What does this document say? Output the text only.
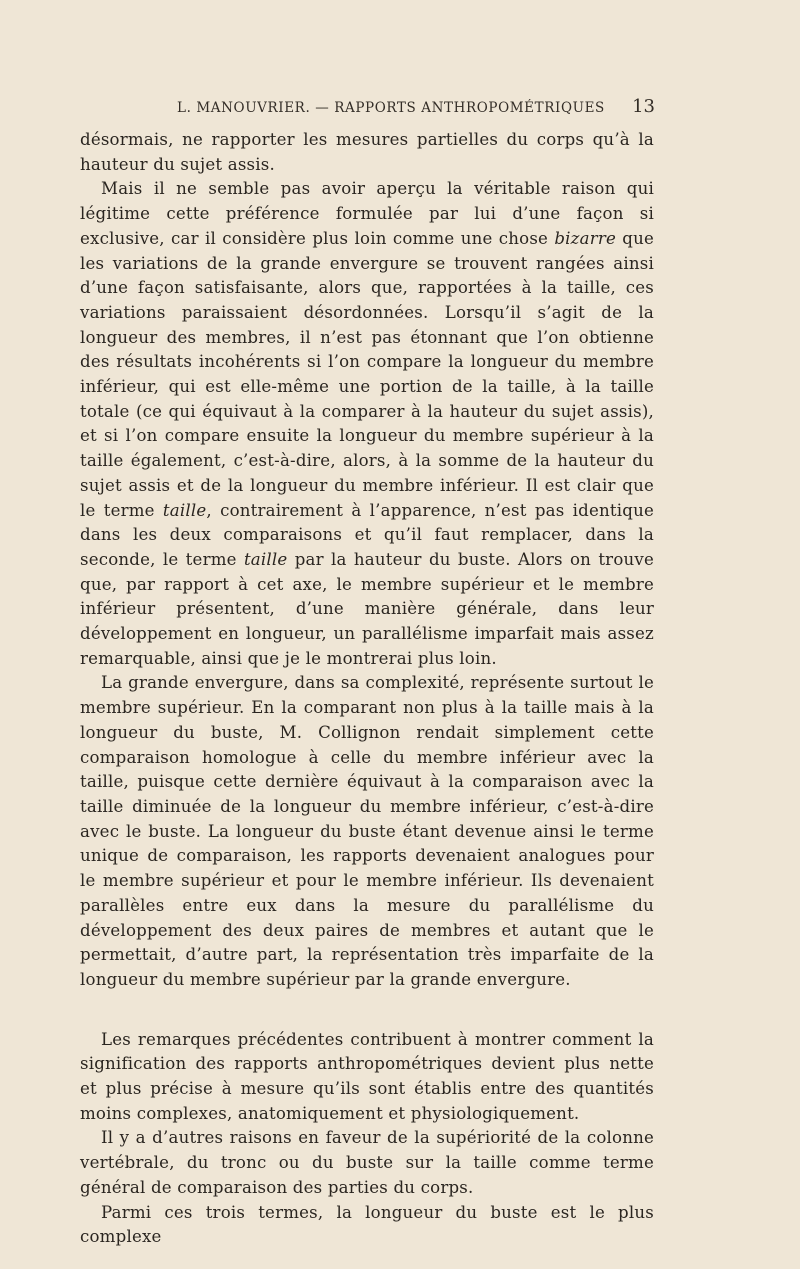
L. MANOUVRIER. — RAPPORTS ANTHROPOMÉTRIQUES 13

désormais, ne rapporter les mesures partielles du corps qu’à la hauteur du sujet assis.

Mais il ne semble pas avoir aperçu la véritable raison qui légitime cette préférence formulée par lui d’une façon si exclusive, car il considère plus loin comme une chose bizarre que les variations de la grande envergure se trouvent rangées ainsi d’une façon satisfaisante, alors que, rapportées à la taille, ces variations paraissaient désordonnées. Lorsqu’il s’agit de la longueur des membres, il n’est pas étonnant que l’on obtienne des résultats incohérents si l’on compare la longueur du membre inférieur, qui est elle-même une portion de la taille, à la taille totale (ce qui équivaut à la comparer à la hauteur du sujet assis), et si l’on compare ensuite la longueur du membre supérieur à la taille également, c’est-à-dire, alors, à la somme de la hauteur du sujet assis et de la longueur du membre inférieur. Il est clair que le terme taille, contrairement à l’apparence, n’est pas identique dans les deux comparaisons et qu’il faut remplacer, dans la seconde, le terme taille par la hauteur du buste. Alors on trouve que, par rapport à cet axe, le membre supérieur et le membre inférieur présentent, d’une manière générale, dans leur développement en longueur, un parallélisme imparfait mais assez remarquable, ainsi que je le montrerai plus loin.

La grande envergure, dans sa complexité, représente surtout le membre supérieur. En la comparant non plus à la taille mais à la longueur du buste, M. Collignon rendait simplement cette comparaison homologue à celle du membre inférieur avec la taille, puisque cette dernière équivaut à la comparaison avec la taille diminuée de la longueur du membre inférieur, c’est-à-dire avec le buste. La longueur du buste étant devenue ainsi le terme unique de comparaison, les rapports devenaient analogues pour le membre supérieur et pour le membre inférieur. Ils devenaient parallèles entre eux dans la mesure du parallélisme du développement des deux paires de membres et autant que le permettait, d’autre part, la représentation très imparfaite de la longueur du membre supérieur par la grande envergure.

Les remarques précédentes contribuent à montrer comment la signification des rapports anthropométriques devient plus nette et plus précise à mesure qu’ils sont établis entre des quantités moins complexes, anatomiquement et physiologiquement.

Il y a d’autres raisons en faveur de la supériorité de la colonne vertébrale, du tronc ou du buste sur la taille comme terme général de comparaison des parties du corps.

Parmi ces trois termes, la longueur du buste est le plus complexe
